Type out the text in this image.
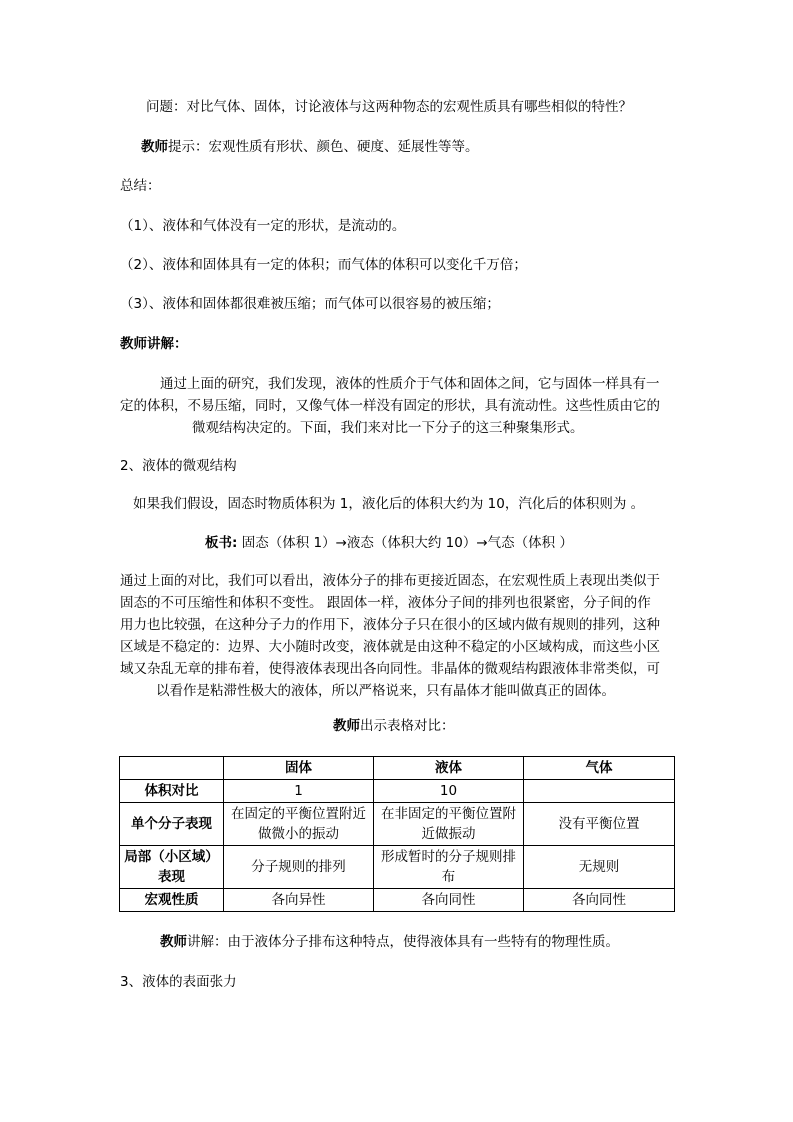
问题：对比气体、固体，讨论液体与这两种物态的宏观性质具有哪些相似的特性？
教师提示：宏观性质有形状、颜色、硬度、延展性等等。
总结：
（1）、液体和气体没有一定的形状，是流动的。
（2）、液体和固体具有一定的体积；而气体的体积可以变化千万倍；
（3）、液体和固体都很难被压缩；而气体可以很容易的被压缩；
教师讲解：
通过上面的研究，我们发现，液体的性质介于气体和固体之间，它与固体一样具有一
定的体积，不易压缩，同时，又像气体一样没有固定的形状，具有流动性。这些性质由它的
微观结构决定的。下面，我们来对比一下分子的这三种聚集形式。
2、液体的微观结构
如果我们假设，固态时物质体积为 1，液化后的体积大约为 10，汽化后的体积则为 。
板书: 固态（体积 1）→液态（体积大约 10）→气态（体积 ）
通过上面的对比，我们可以看出，液体分子的排布更接近固态，在宏观性质上表现出类似于
固态的不可压缩性和体积不变性。 跟固体一样，液体分子间的排列也很紧密，分子间的作
用力也比较强，在这种分子力的作用下，液体分子只在很小的区域内做有规则的排列，这种
区域是不稳定的：边界、大小随时改变，液体就是由这种不稳定的小区域构成，而这些小区
域又杂乱无章的排布着，使得液体表现出各向同性。非晶体的微观结构跟液体非常类似，可
以看作是粘滞性极大的液体，所以严格说来，只有晶体才能叫做真正的固体。
教师出示表格对比：
	固体	液体	气体
体积对比	1	10	
单个分子表现	在固定的平衡位置附近做微小的振动	在非固定的平衡位置附近做振动	没有平衡位置
局部（小区域）表现	分子规则的排列	形成暂时的分子规则排布	无规则
宏观性质	各向异性	各向同性	各向同性
教师讲解：由于液体分子排布这种特点，使得液体具有一些特有的物理性质。
3、液体的表面张力
